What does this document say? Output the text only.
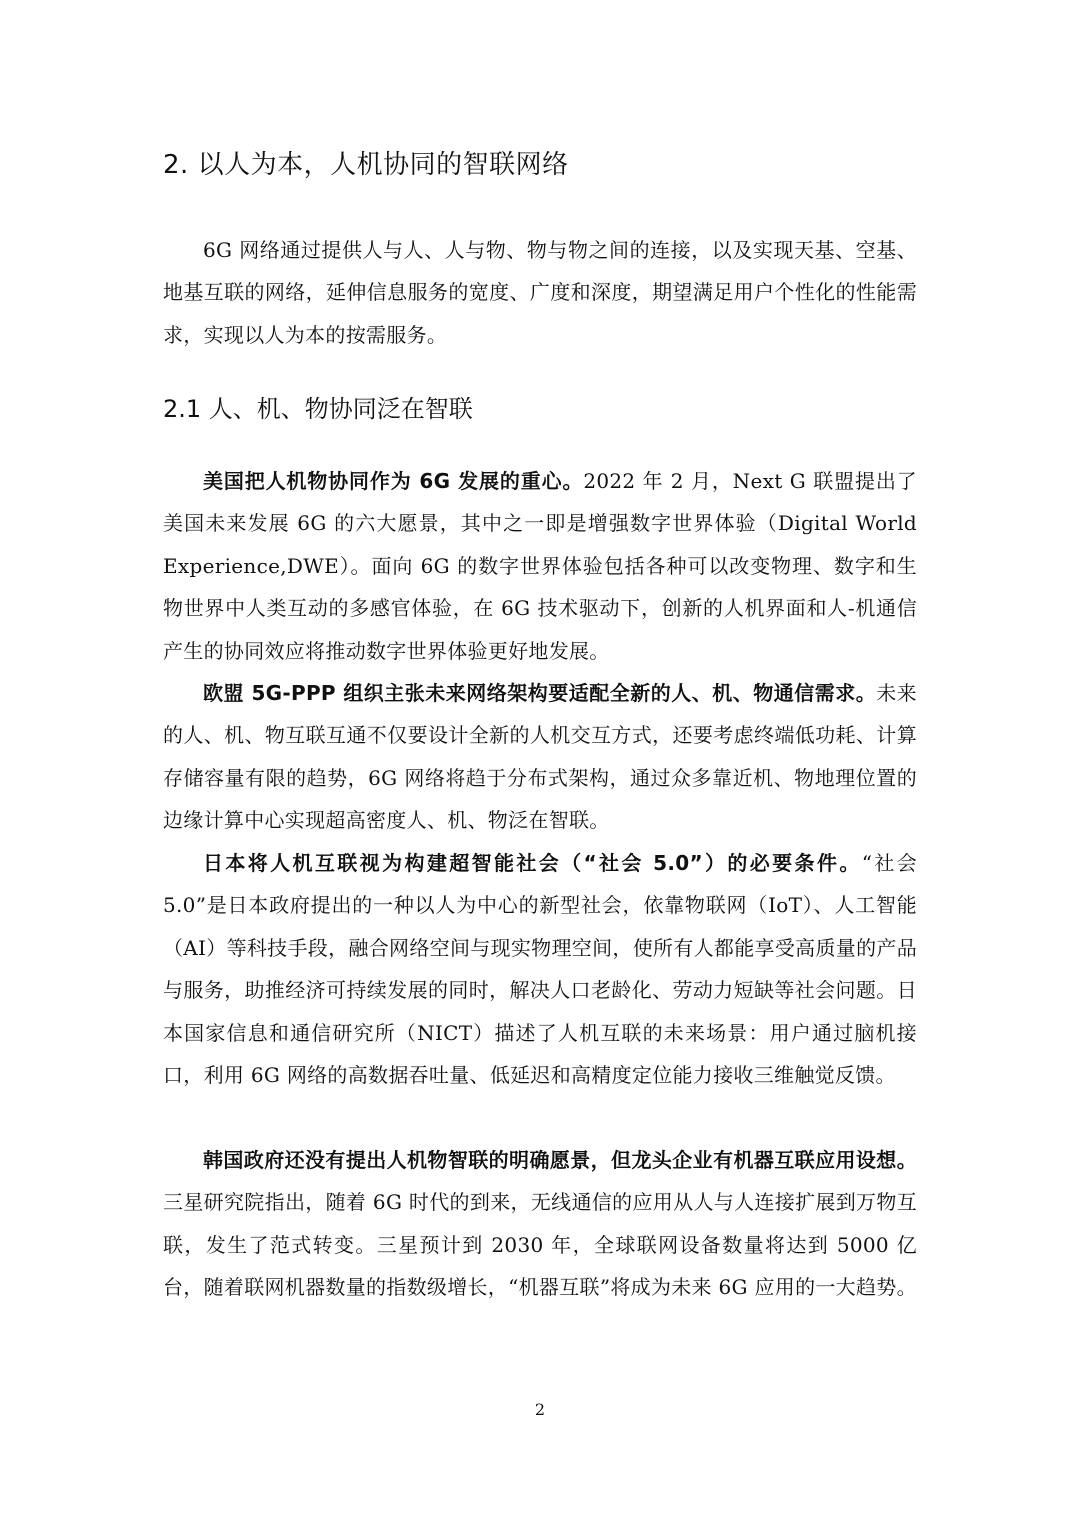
2. 以人为本，人机协同的智联网络

6G 网络通过提供人与人、人与物、物与物之间的连接，以及实现天基、空基、地基互联的网络，延伸信息服务的宽度、广度和深度，期望满足用户个性化的性能需求，实现以人为本的按需服务。

2.1 人、机、物协同泛在智联

美国把人机物协同作为 6G 发展的重心。2022 年 2 月，Next G 联盟提出了美国未来发展 6G 的六大愿景，其中之一即是增强数字世界体验（Digital World Experience,DWE）。面向 6G 的数字世界体验包括各种可以改变物理、数字和生物世界中人类互动的多感官体验，在 6G 技术驱动下，创新的人机界面和人-机通信产生的协同效应将推动数字世界体验更好地发展。

欧盟 5G-PPP 组织主张未来网络架构要适配全新的人、机、物通信需求。未来的人、机、物互联互通不仅要设计全新的人机交互方式，还要考虑终端低功耗、计算存储容量有限的趋势，6G 网络将趋于分布式架构，通过众多靠近机、物地理位置的边缘计算中心实现超高密度人、机、物泛在智联。

日本将人机互联视为构建超智能社会（“社会 5.0”）的必要条件。“社会 5.0”是日本政府提出的一种以人为中心的新型社会，依靠物联网（IoT）、人工智能（AI）等科技手段，融合网络空间与现实物理空间，使所有人都能享受高质量的产品与服务，助推经济可持续发展的同时，解决人口老龄化、劳动力短缺等社会问题。日本国家信息和通信研究所（NICT）描述了人机互联的未来场景：用户通过脑机接口，利用 6G 网络的高数据吞吐量、低延迟和高精度定位能力接收三维触觉反馈。

韩国政府还没有提出人机物智联的明确愿景，但龙头企业有机器互联应用设想。三星研究院指出，随着 6G 时代的到来，无线通信的应用从人与人连接扩展到万物互联，发生了范式转变。三星预计到 2030 年，全球联网设备数量将达到 5000 亿台，随着联网机器数量的指数级增长，“机器互联”将成为未来 6G 应用的一大趋势。

2
